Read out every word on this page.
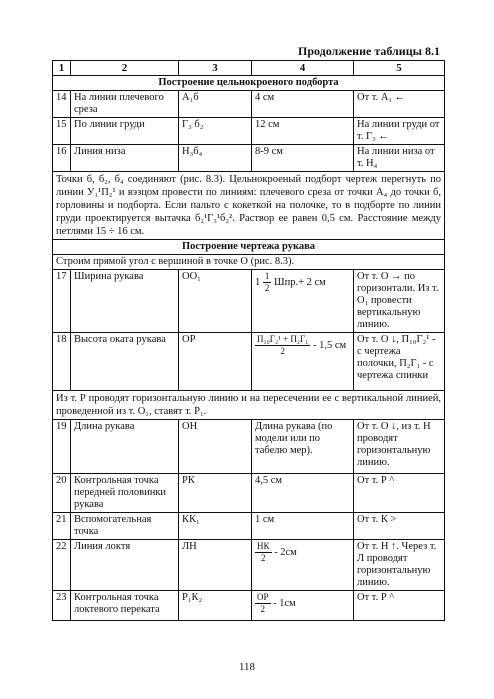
Продолжение таблицы 8.1
1	2	3	4	5
Построение цельнокроеного подборта				
14	На линии плечевого среза	А₁б	4 см	От т. А₁ ←
15	По линии груди	Г₃ б₂	12 см	На линии груди от т. Г₃ ←
16	Линия низа	Н₃б₄	8-9 см	На линии низа от т. Н₄
Точки б, б₂, б₄ соединяют (рис. 8.3). Цельнокроеный подборт чертеж перегнуть по линии У₁¹П₂¹ и вэзцом провести по линиям: плечевого среза от точки А₄ до точки б, горловины и подборта. Если пальто с кокеткой на полочке, то в подборте по линии груди проектируется вытачка б₂¹Г₃¹б₂². Раствор ее равен 0,5 см. Расстояние между петлями 15 ÷ 16 см.				
Построение чертежа рукава				
Строим прямой угол с вершиной в точке О (рис. 8.3).				
17	Ширина рукава	ОО₁	$1 \frac{1}{2} Шпр.+ 2$ см	От т. О → по горизонтали. Из т. О₁ провести вертикальную линию.
18	Высота оката рукава	ОР	$\frac{\text{П₁₀Г₂¹ + П₂Г₁}}{2} - 1,5$ см	От т. О ↓, П₁₀Г₂¹ - с чертежа полочки, П₂Г₁ - с чертежа спинки
Из т. Р проводят горизонтальную линию и на пересечении ее с вертикальной линией, проведенной из т. О₁, ставят т. Р₁.				
19	Длина рукава	ОН	Длина рукава (по модели или по табелю мер).	От т. О ↓, из т. Н проводят горизонтальную линию.
20	Контрольная точка передней половинки рукава	РК	4,5 см	От т. Р ^
21	Вспомогательная точка	КК₁	1 см	От т. К >
22	Линия локтя	ЛН	$\frac{НК}{2} - 2см$	От т. Н ↑. Через т. Л проводят горизонтальную линию.
23	Контрольная точка локтевого переката	Р₁К₂	$\frac{ОР}{2} - 1см$	От т. Р ^
118
